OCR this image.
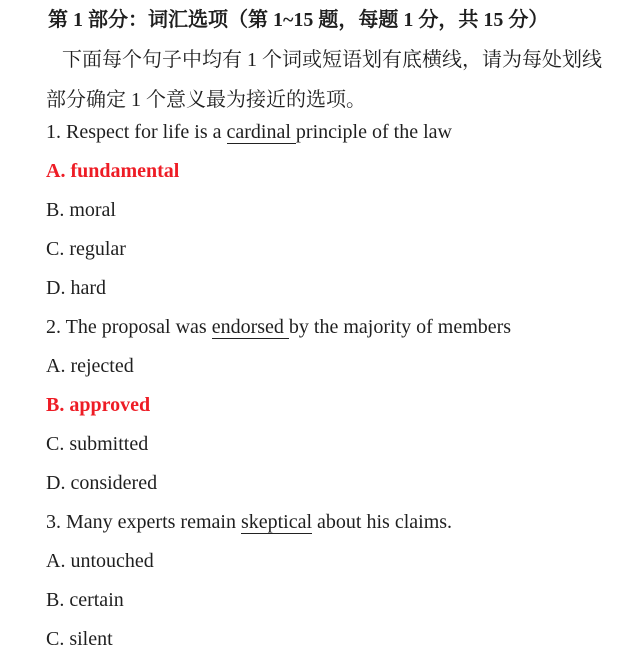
第 1 部分：词汇选项（第 1~15 题，每题 1 分，共 15 分）
下面每个句子中均有 1 个词或短语划有底横线，请为每处划线
部分确定 1 个意义最为接近的选项。
1. Respect for life is a cardinal principle of the law
A. fundamental
B. moral
C. regular
D. hard
2. The proposal was endorsed by the majority of members
A. rejected
B. approved
C. submitted
D. considered
3. Many experts remain skeptical about his claims.
A. untouched
B. certain
C. silent
